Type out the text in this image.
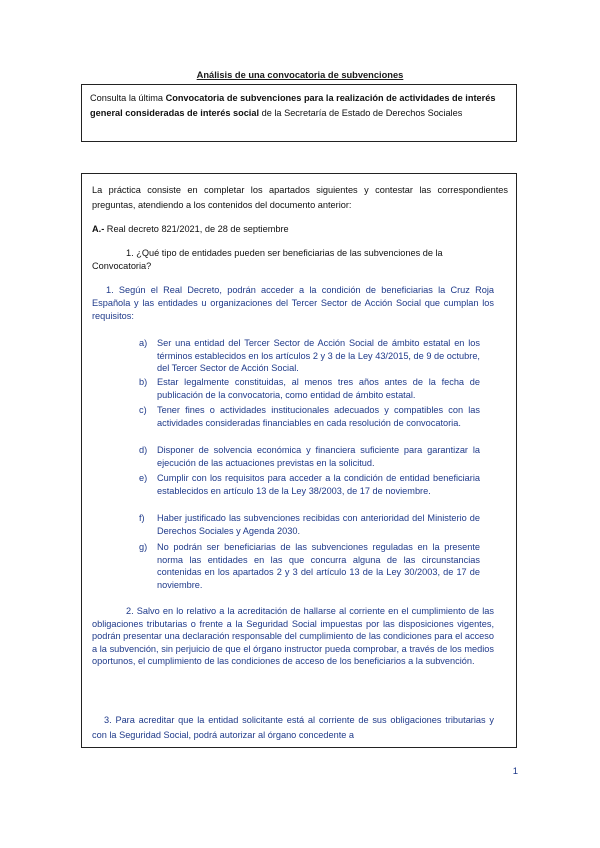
Análisis de una convocatoria de subvenciones
Consulta la última Convocatoria de subvenciones para la realización de actividades de interés general consideradas de interés social de la Secretaría de Estado de Derechos Sociales

La práctica consiste en completar los apartados siguientes y contestar las correspondientes preguntas, atendiendo a los contenidos del documento anterior:

A.- Real decreto 821/2021, de 28 de septiembre

1. ¿Qué tipo de entidades pueden ser beneficiarias de las subvenciones de la Convocatoria?

1. Según el Real Decreto, podrán acceder a la condición de beneficiarias la Cruz Roja Española y las entidades u organizaciones del Tercer Sector de Acción Social que cumplan los requisitos:

a)	Ser una entidad del Tercer Sector de Acción Social de ámbito estatal en los términos establecidos en los artículos 2 y 3 de la Ley 43/2015, de 9 de octubre, del Tercer Sector de Acción Social.
b)	Estar legalmente constituidas, al menos tres años antes de la fecha de publicación de la convocatoria, como entidad de ámbito estatal.
c)	Tener fines o actividades institucionales adecuados y compatibles con las actividades consideradas financiables en cada resolución de convocatoria.
d)	Disponer de solvencia económica y financiera suficiente para garantizar la ejecución de las actuaciones previstas en la solicitud.
e)	Cumplir con los requisitos para acceder a la condición de entidad beneficiaria establecidos en artículo 13 de la Ley 38/2003, de 17 de noviembre.
f)	Haber justificado las subvenciones recibidas con anterioridad del Ministerio de Derechos Sociales y Agenda 2030.
g)	No podrán ser beneficiarias de las subvenciones reguladas en la presente norma las entidades en las que concurra alguna de las circunstancias contenidas en los apartados 2 y 3 del artículo 13 de la Ley 30/2003, de 17 de noviembre.

2. Salvo en lo relativo a la acreditación de hallarse al corriente en el cumplimiento de las obligaciones tributarias o frente a la Seguridad Social impuestas por las disposiciones vigentes, podrán presentar una declaración responsable del cumplimiento de las condiciones para el acceso a la subvención, sin perjuicio de que el órgano instructor pueda comprobar, a través de los medios oportunos, el cumplimiento de las condiciones de acceso de los beneficiarios a la subvención.

3. Para acreditar que la entidad solicitante está al corriente de sus obligaciones tributarias y con la Seguridad Social, podrá autorizar al órgano concedente a

1
